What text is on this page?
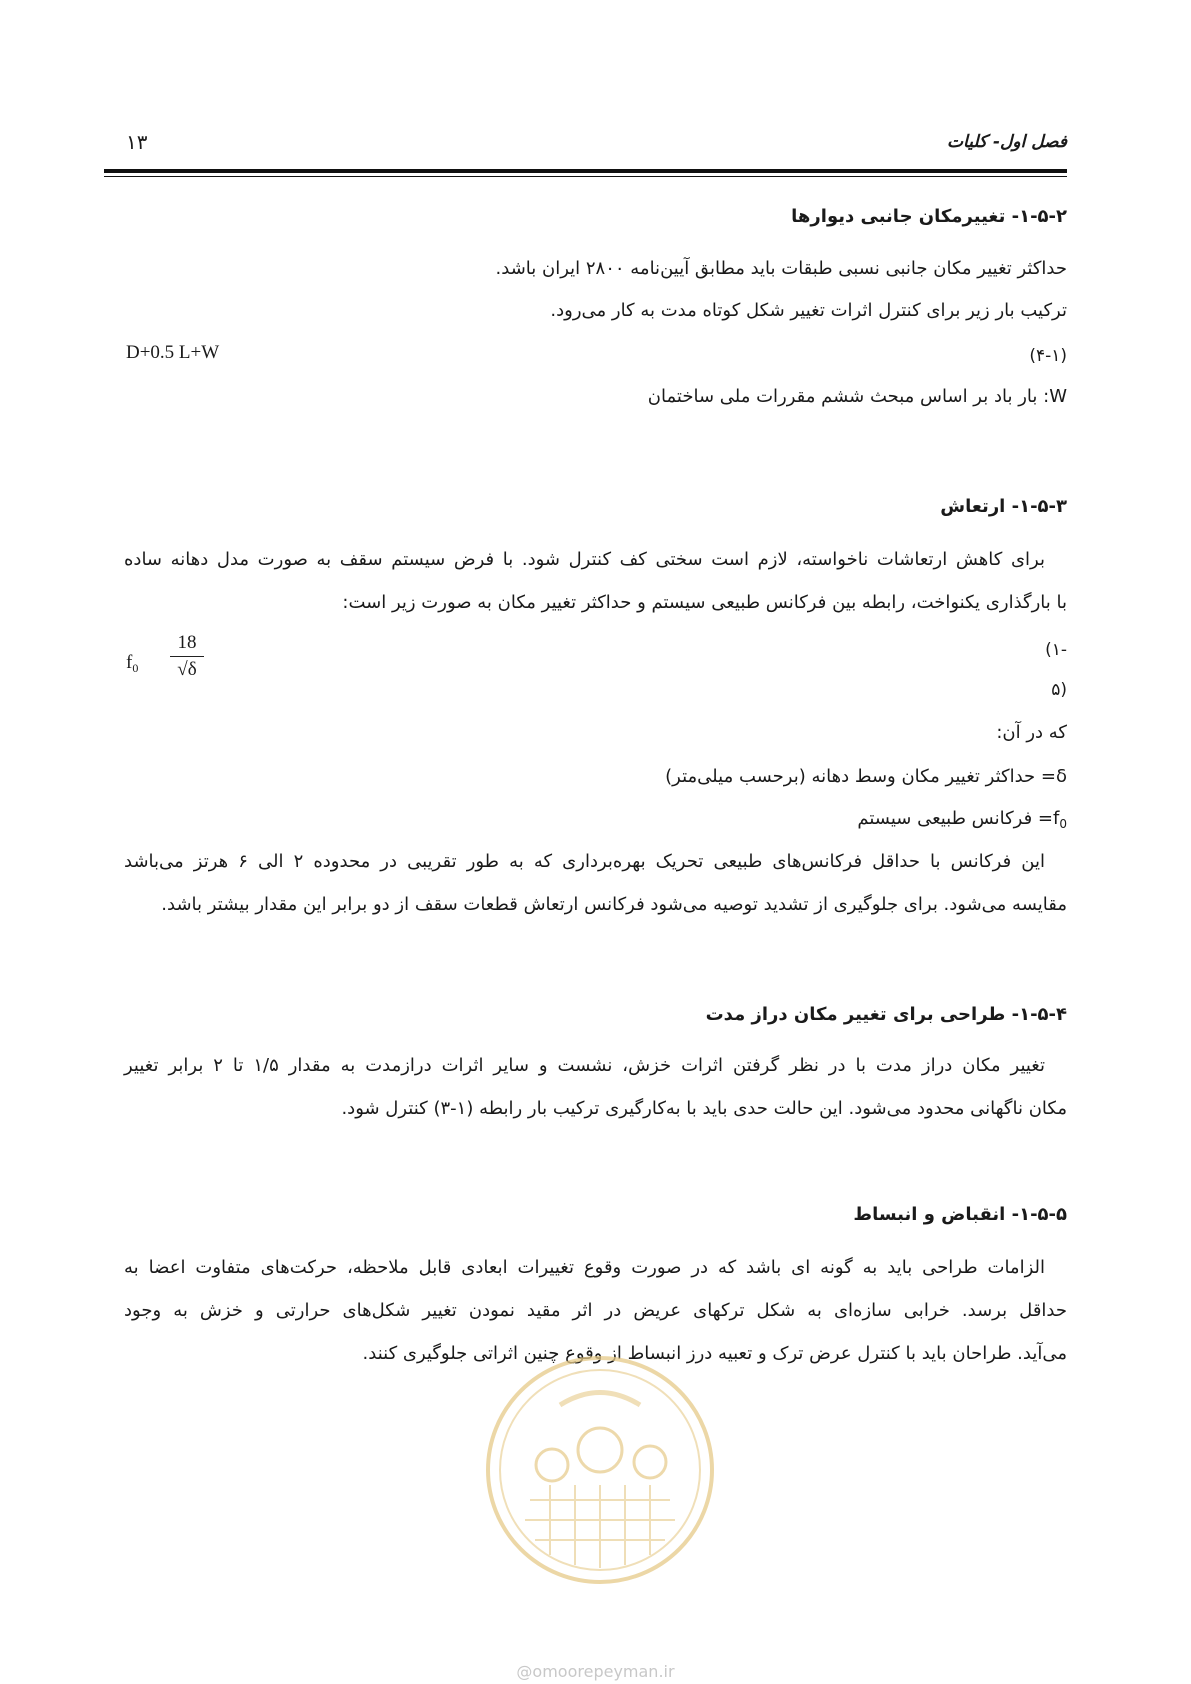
فصل اول- کلیات
۱۳
۱-۵-۲- تغییرمکان جانبی دیوارها
حداکثر تغییر مکان جانبی نسبی طبقات باید مطابق آیین‌نامه ۲۸۰۰ ایران باشد.
ترکیب بار زیر برای کنترل اثرات تغییر شکل کوتاه مدت به کار می‌رود.
D+0.5 L+W	(۴-۱)
W: بار باد بر اساس مبحث ششم مقررات ملی ساختمان
۱-۵-۳- ارتعاش
برای کاهش ارتعاشات ناخواسته، لازم است سختی کف کنترل شود. با فرض سیستم سقف به صورت مدل دهانه ساده
با بارگذاری یکنواخت، رابطه بین فرکانس طبیعی سیستم و حداکثر تغییر مکان به صورت زیر است:
$f_0$
18
√δ
-۱)
(۵
که در آن:
δ= حداکثر تغییر مکان وسط دهانه (برحسب میلی‌متر)
$f_0=$ فرکانس طبیعی سیستم
این فرکانس با حداقل فرکانس‌های طبیعی تحریک بهره‌برداری که به طور تقریبی در محدوده ۲ الی ۶ هرتز می‌باشد
مقایسه می‌شود. برای جلوگیری از تشدید توصیه می‌شود فرکانس ارتعاش قطعات سقف از دو برابر این مقدار بیشتر باشد.
۱-۵-۴- طراحی برای تغییر مکان دراز مدت
تغییر مکان دراز مدت با در نظر گرفتن اثرات خزش، نشست و سایر اثرات درازمدت به مقدار ۱/۵ تا ۲ برابر تغییر
مکان ناگهانی محدود می‌شود. این حالت حدی باید با به‌کارگیری ترکیب بار رابطه (۱-۳) کنترل شود.
۱-۵-۵- انقباض و انبساط
الزامات طراحی باید به گونه ای باشد که در صورت وقوع تغییرات ابعادی قابل ملاحظه، حرکت‌های متفاوت اعضا به
حداقل برسد. خرابی سازه‌ای به شکل ترکهای عریض در اثر مقید نمودن تغییر شکل‌های حرارتی و خزش به وجود
می‌آید. طراحان باید با کنترل عرض ترک و تعبیه درز انبساط از وقوع چنین اثراتی جلوگیری کنند.
@omoorepeyman.ir
